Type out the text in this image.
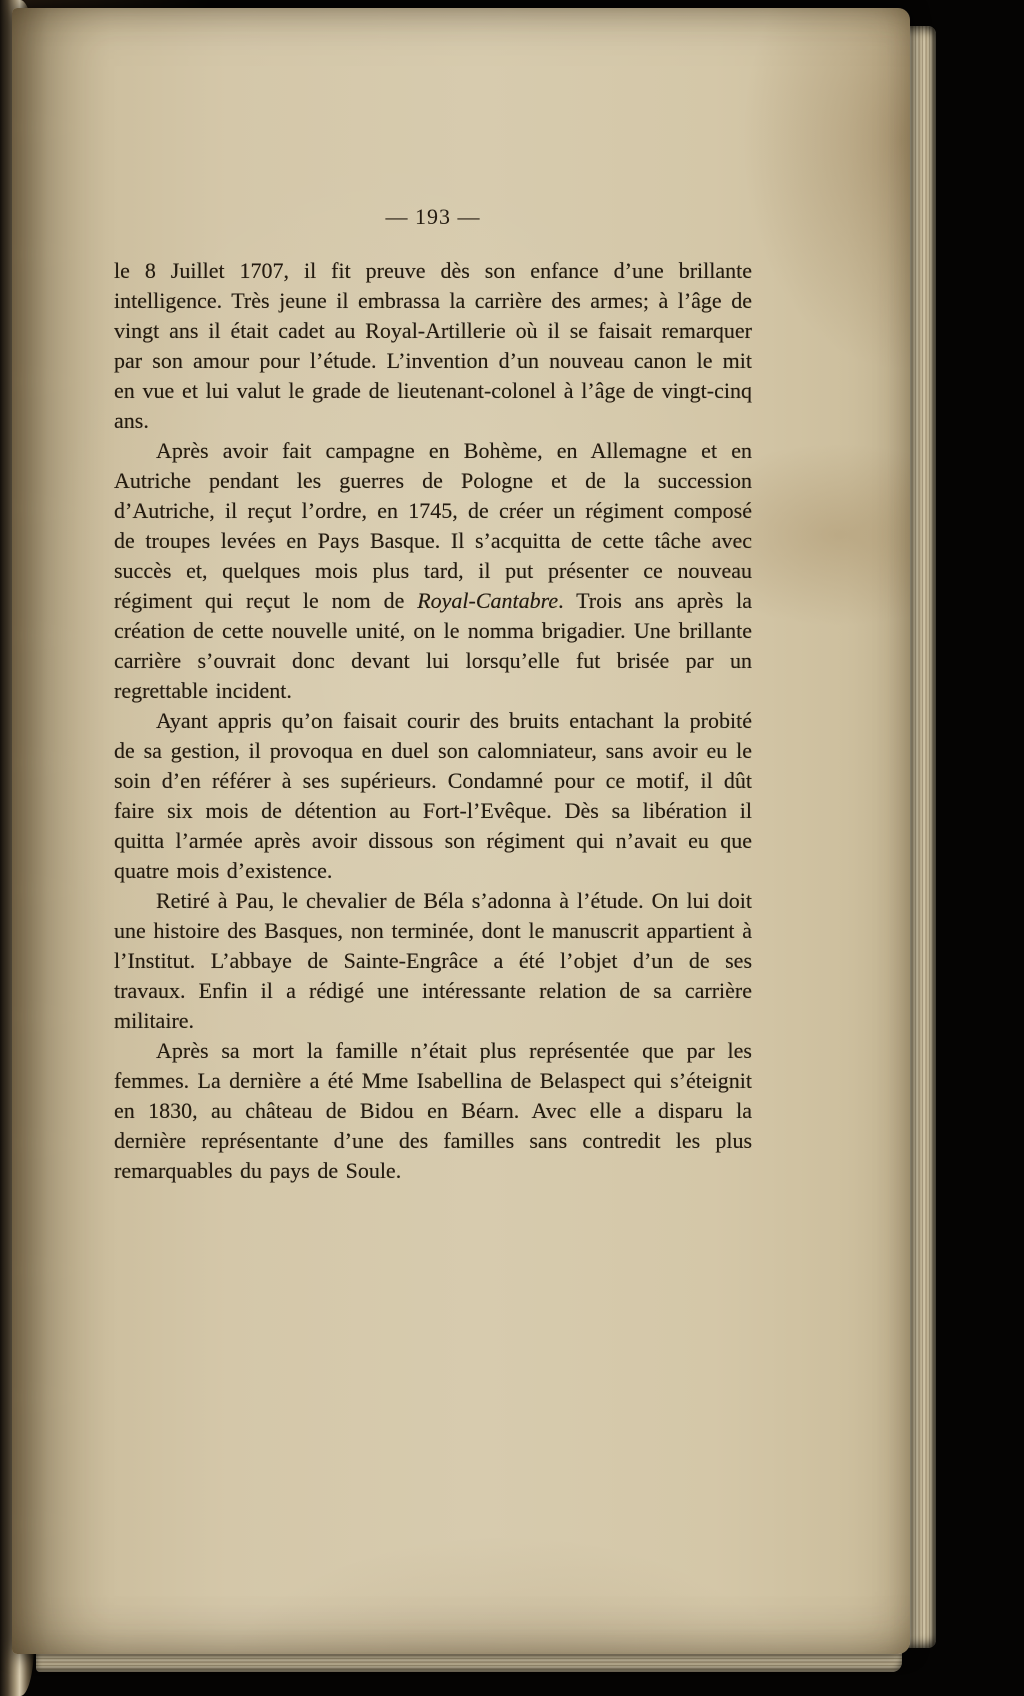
— 193 —

le 8 Juillet 1707, il fit preuve dès son enfance d’une brillante intelligence. Très jeune il embrassa la carrière des armes; à l’âge de vingt ans il était cadet au Royal-Artillerie où il se faisait remarquer par son amour pour l’étude. L’invention d’un nouveau canon le mit en vue et lui valut le grade de lieutenant-colonel à l’âge de vingt-cinq ans.

Après avoir fait campagne en Bohème, en Allemagne et en Autriche pendant les guerres de Pologne et de la succession d’Autriche, il reçut l’ordre, en 1745, de créer un régiment composé de troupes levées en Pays Basque. Il s’acquitta de cette tâche avec succès et, quelques mois plus tard, il put présenter ce nouveau régiment qui reçut le nom de Royal-Cantabre. Trois ans après la création de cette nouvelle unité, on le nomma brigadier. Une brillante carrière s’ouvrait donc devant lui lorsqu’elle fut brisée par un regrettable incident.

Ayant appris qu’on faisait courir des bruits entachant la probité de sa gestion, il provoqua en duel son calomniateur, sans avoir eu le soin d’en référer à ses supérieurs. Condamné pour ce motif, il dût faire six mois de détention au Fort-l’Evêque. Dès sa libération il quitta l’armée après avoir dissous son régiment qui n’avait eu que quatre mois d’existence.

Retiré à Pau, le chevalier de Béla s’adonna à l’étude. On lui doit une histoire des Basques, non terminée, dont le manuscrit appartient à l’Institut. L’abbaye de Sainte-Engrâce a été l’objet d’un de ses travaux. Enfin il a rédigé une intéressante relation de sa carrière militaire.

Après sa mort la famille n’était plus représentée que par les femmes. La dernière a été Mme Isabellina de Belaspect qui s’éteignit en 1830, au château de Bidou en Béarn. Avec elle a disparu la dernière représentante d’une des familles sans contredit les plus remarquables du pays de Soule.
